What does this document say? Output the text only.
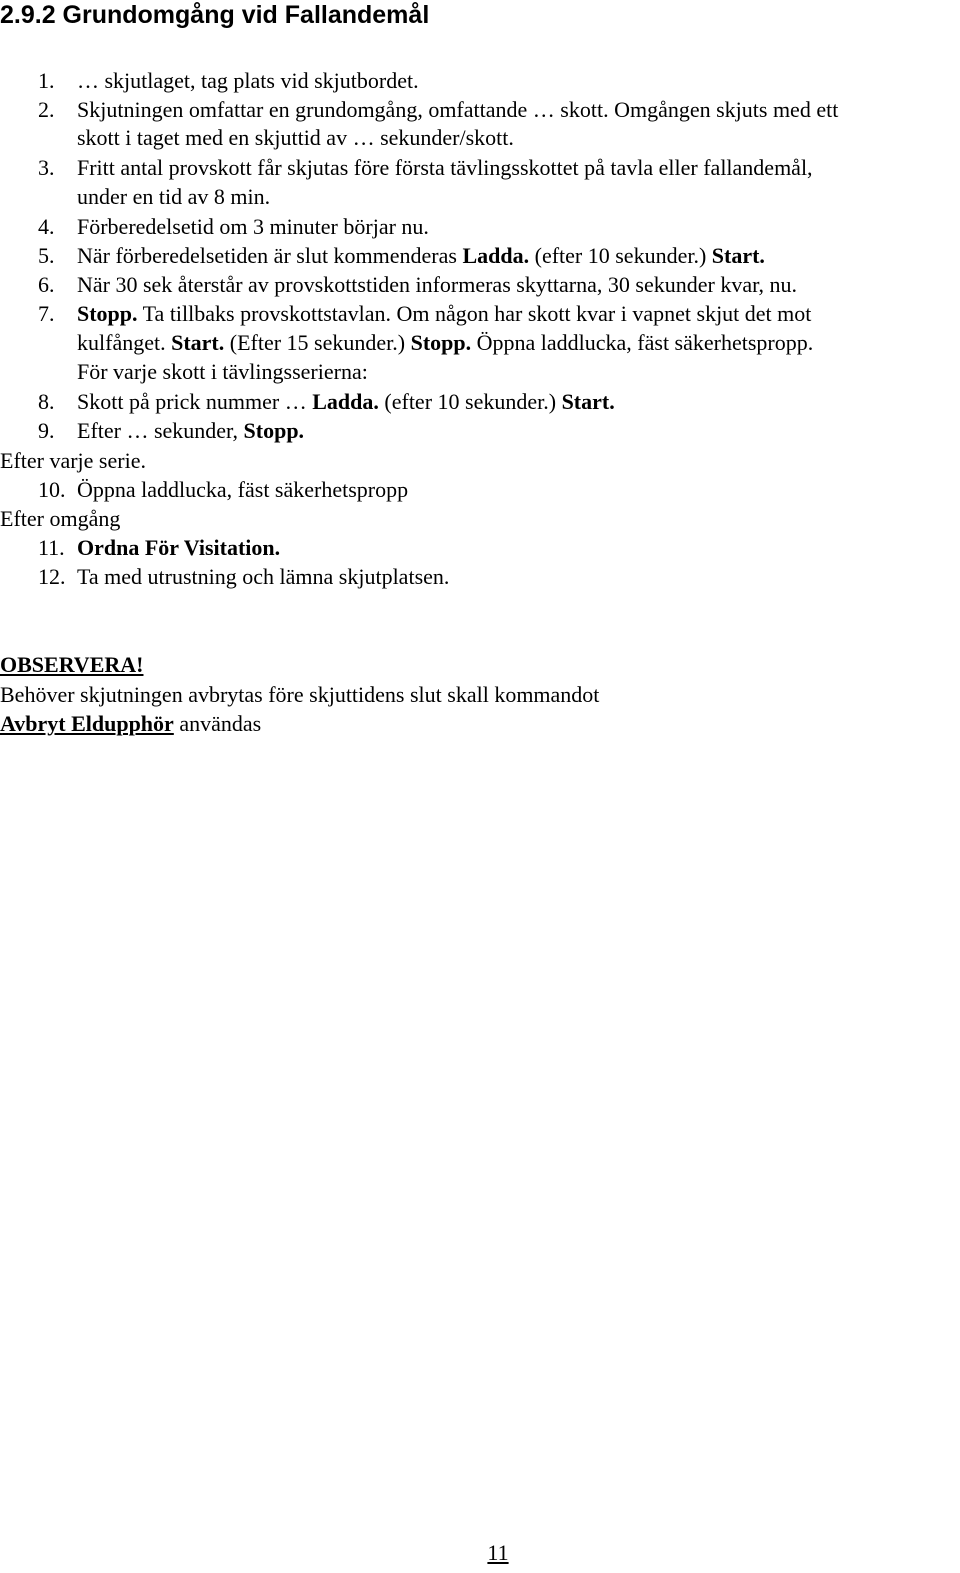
2.9.2 Grundomgång vid Fallandemål
1. … skjutlaget, tag plats vid skjutbordet.
2. Skjutningen omfattar en grundomgång, omfattande … skott. Omgången skjuts med ett
skott i taget med en skjuttid av … sekunder/skott.
3. Fritt antal provskott får skjutas före första tävlingsskottet på tavla eller fallandemål,
under en tid av 8 min.
4. Förberedelsetid om 3 minuter börjar nu.
5. När förberedelsetiden är slut kommenderas Ladda. (efter 10 sekunder.) Start.
6. När 30 sek återstår av provskottstiden informeras skyttarna, 30 sekunder kvar, nu.
7. Stopp. Ta tillbaks provskottstavlan. Om någon har skott kvar i vapnet skjut det mot
kulfånget. Start. (Efter 15 sekunder.) Stopp. Öppna laddlucka, fäst säkerhetspropp.
För varje skott i tävlingsserierna:
8. Skott på prick nummer … Ladda. (efter 10 sekunder.) Start.
9. Efter … sekunder, Stopp.
Efter varje serie.
10. Öppna laddlucka, fäst säkerhetspropp
Efter omgång
11. Ordna För Visitation.
12. Ta med utrustning och lämna skjutplatsen.
OBSERVERA!
Behöver skjutningen avbrytas före skjuttidens slut skall kommandot
Avbryt Eldupphör användas
11
